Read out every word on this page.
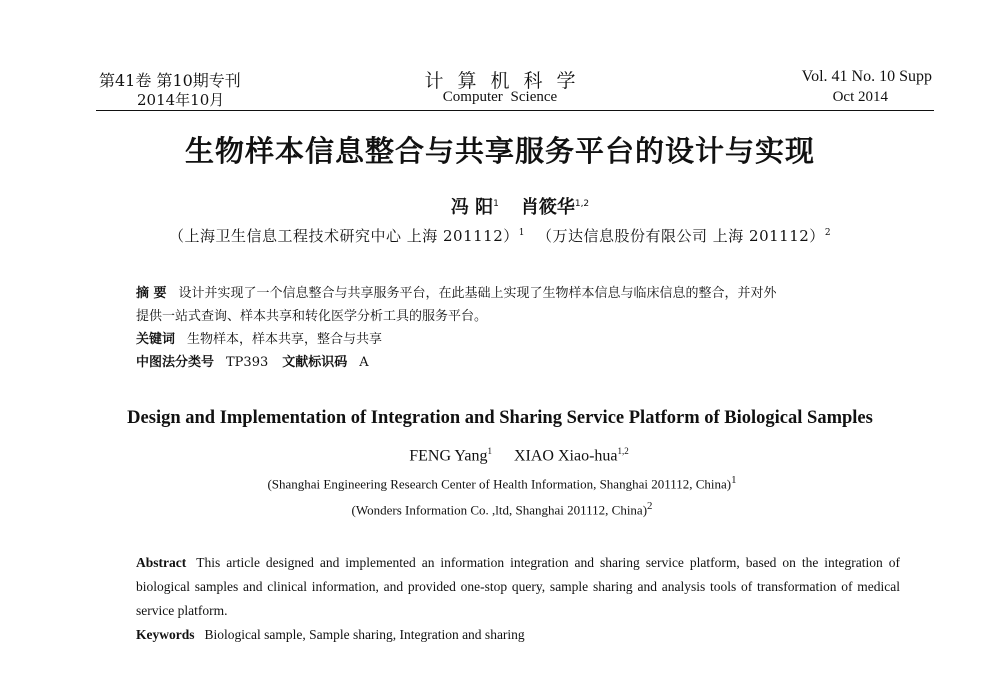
第41卷 第10期专刊
2014年10月
计算机科学
Computer Science
Vol. 41 No. 10 Supp
Oct 2014
生物样本信息整合与共享服务平台的设计与实现
冯 阳$^1$ 肖筱华$^{1,2}$
（上海卫生信息工程技术研究中心 上海 201112）$^1$ （万达信息股份有限公司 上海 201112）$^2$
摘 要 设计并实现了一个信息整合与共享服务平台，在此基础上实现了生物样本信息与临床信息的整合，并对外
提供一站式查询、样本共享和转化医学分析工具的服务平台。
关键词 生物样本，样本共享，整合与共享
中图法分类号 TP393 文献标识码 A
Design and Implementation of Integration and Sharing Service Platform of Biological Samples
FENG Yang$^1$ XIAO Xiao-hua$^{1,2}$
(Shanghai Engineering Research Center of Health Information, Shanghai 201112, China)$^1$
(Wonders Information Co. ,ltd, Shanghai 201112, China)$^2$
Abstract This article designed and implemented an information integration and sharing service platform, based on the integration of biological samples and clinical information, and provided one-stop query, sample sharing and analysis tools of transformation of medical service platform.
Keywords Biological sample, Sample sharing, Integration and sharing
